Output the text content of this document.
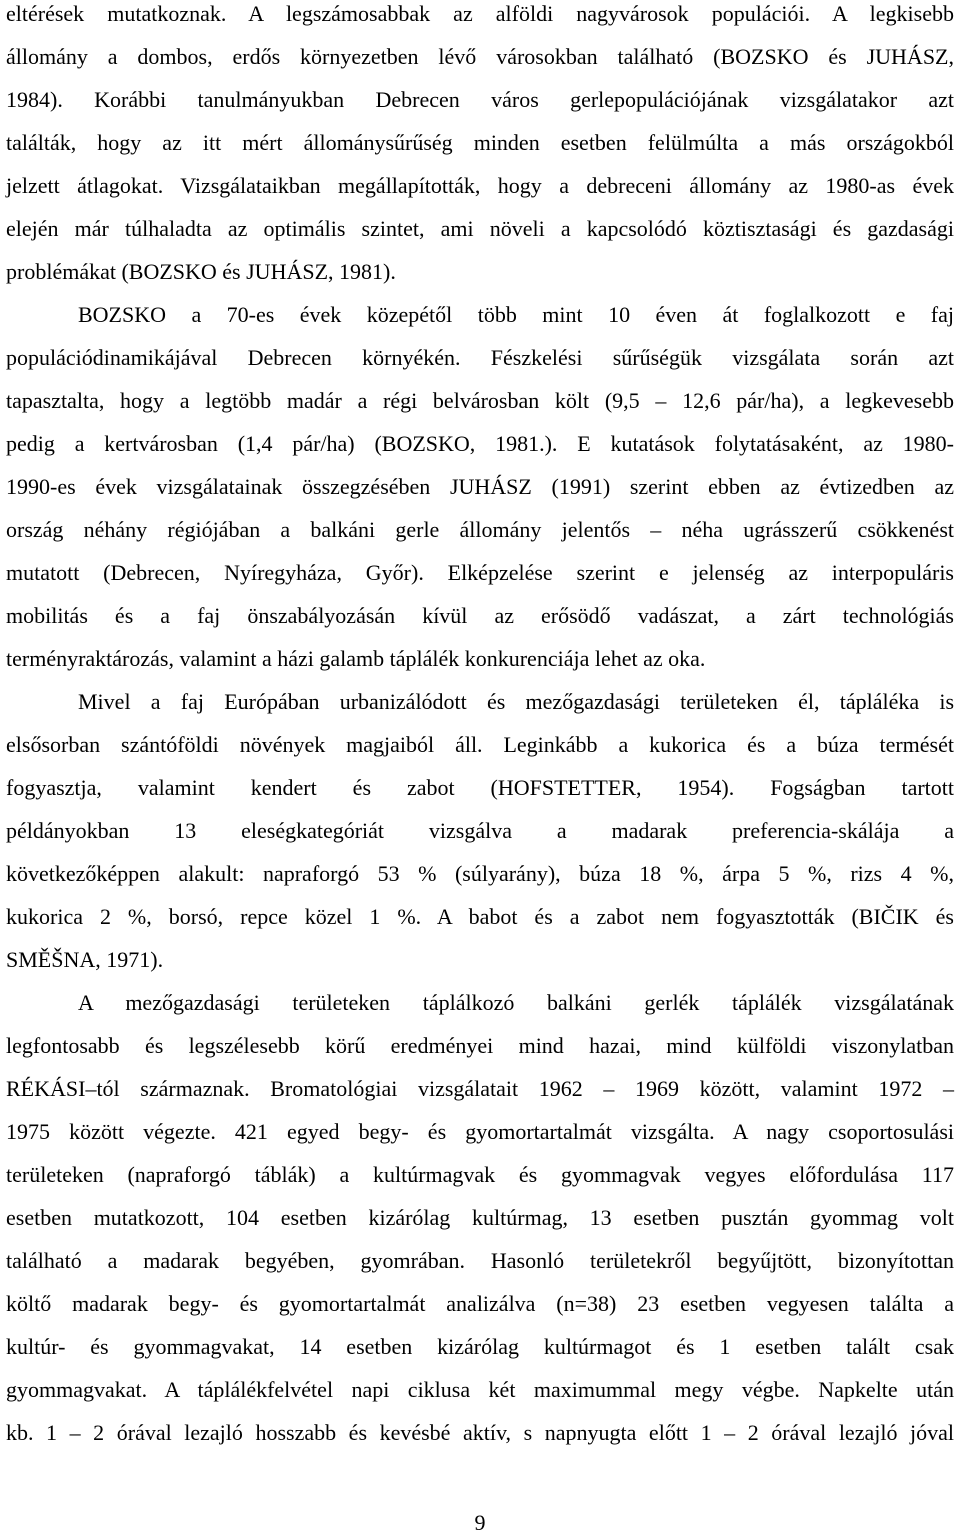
eltérések mutatkoznak. A legszámosabbak az alföldi nagyvárosok populációi. A legkisebb
állomány a dombos, erdős környezetben lévő városokban található (BOZSKO és JUHÁSZ,
1984). Korábbi tanulmányukban Debrecen város gerlepopulációjának vizsgálatakor azt
találták, hogy az itt mért állománysűrűség minden esetben felülmúlta a más országokból
jelzett átlagokat. Vizsgálataikban megállapították, hogy a debreceni állomány az 1980-as évek
elején már túlhaladta az optimális szintet, ami növeli a kapcsolódó köztisztasági és gazdasági
problémákat (BOZSKO és JUHÁSZ, 1981).
BOZSKO a 70-es évek közepétől több mint 10 éven át foglalkozott e faj
populációdinamikájával Debrecen környékén. Fészkelési sűrűségük vizsgálata során azt
tapasztalta, hogy a legtöbb madár a régi belvárosban költ (9,5 – 12,6 pár/ha), a legkevesebb
pedig a kertvárosban (1,4 pár/ha) (BOZSKO, 1981.). E kutatások folytatásaként, az 1980-
1990-es évek vizsgálatainak összegzésében JUHÁSZ (1991) szerint ebben az évtizedben az
ország néhány régiójában a balkáni gerle állomány jelentős – néha ugrásszerű csökkenést
mutatott (Debrecen, Nyíregyháza, Győr). Elképzelése szerint e jelenség az interpopuláris
mobilitás és a faj önszabályozásán kívül az erősödő vadászat, a zárt technológiás
terményraktározás, valamint a házi galamb táplálék konkurenciája lehet az oka.
Mivel a faj Európában urbanizálódott és mezőgazdasági területeken él, táplálékа is
elsősorban szántóföldi növények magjaiból áll. Leginkább a kukorica és a búza termését
fogyasztja, valamint kendert és zabot (HOFSTETTER, 1954). Fogságban tartott
példányokban 13 eleségkategóriát vizsgálva a madarak preferencia-skálája a
következőképpen alakult: napraforgó 53 % (súlyarány), búza 18 %, árpa 5 %, rizs 4 %,
kukorica 2 %, borsó, repce közel 1 %. A babot és a zabot nem fogyasztották (BIČIK és
SMĚŠNA, 1971).
A mezőgazdasági területeken táplálkozó balkáni gerlék táplálék vizsgálatának
legfontosabb és legszélesebb körű eredményei mind hazai, mind külföldi viszonylatban
RÉKÁSI–tól származnak. Bromatológiai vizsgálatait 1962 – 1969 között, valamint 1972 –
1975 között végezte. 421 egyed begy- és gyomortartalmát vizsgálta. A nagy csoportosulási
területeken (napraforgó táblák) a kultúrmagvak és gyommagvak vegyes előfordulása 117
esetben mutatkozott, 104 esetben kizárólag kultúrmag, 13 esetben pusztán gyommag volt
található a madarak begyében, gyomrában. Hasonló területekről begyűjtött, bizonyítottan
költő madarak begy- és gyomortartalmát analizálva (n=38) 23 esetben vegyesen találta a
kultúr- és gyommagvakat, 14 esetben kizárólag kultúrmagot és 1 esetben talált csak
gyommagvakat. A táplálékfelvétel napi ciklusa két maximummal megy végbe. Napkelte után
kb. 1 – 2 órával lezajló hosszabb és kevésbé aktív, s napnyugta előtt 1 – 2 órával lezajló jóval
9
